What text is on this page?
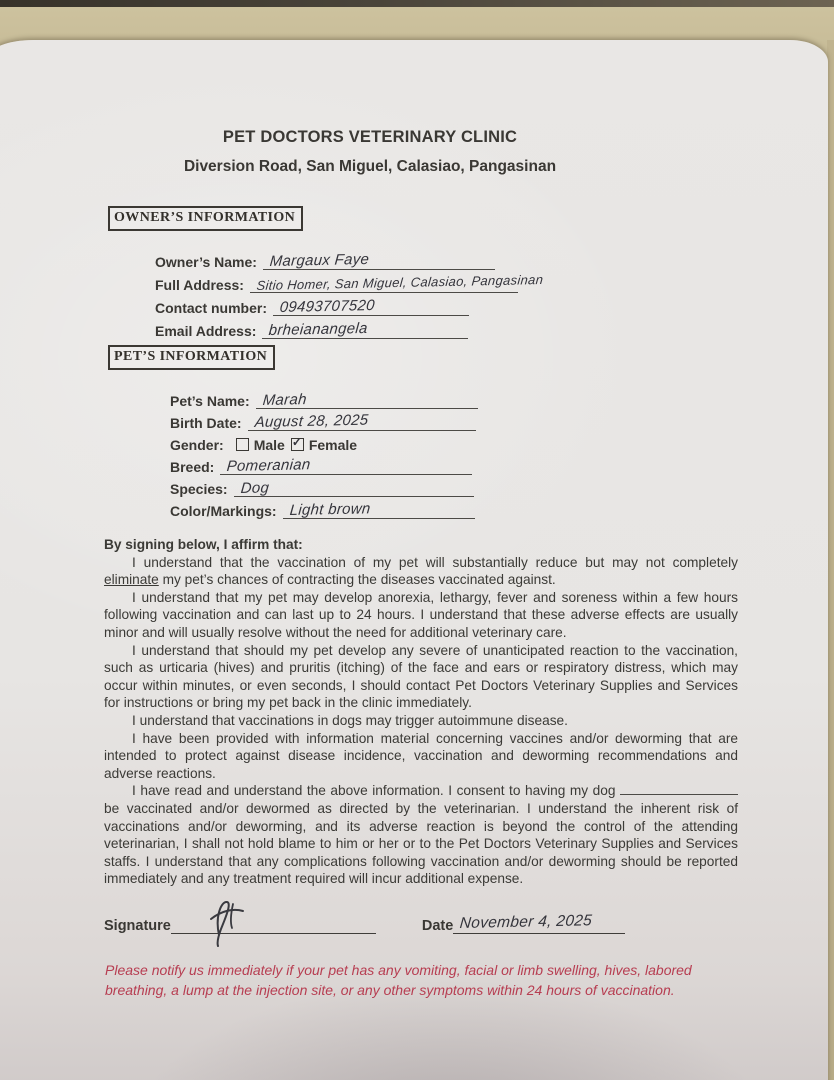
PET DOCTORS VETERINARY CLINIC
Diversion Road, San Miguel, Calasiao, Pangasinan
OWNER’S INFORMATION
Owner’s Name: Margaux Faye
Full Address: Sitio Homer, San Miguel, Calasiao, Pangasinan
Contact number: 09493707520
Email Address: brheianangela
PET’S INFORMATION
Pet’s Name: Marah
Birth Date: August 28, 2025
Gender: Male ✓ Female
Breed: Pomeranian
Species: Dog
Color/Markings: Light brown
By signing below, I affirm that:

I understand that the vaccination of my pet will substantially reduce but may not completely eliminate my pet’s chances of contracting the diseases vaccinated against.

I understand that my pet may develop anorexia, lethargy, fever and soreness within a few hours following vaccination and can last up to 24 hours. I understand that these adverse effects are usually minor and will usually resolve without the need for additional veterinary care.

I understand that should my pet develop any severe of unanticipated reaction to the vaccination, such as urticaria (hives) and pruritis (itching) of the face and ears or respiratory distress, which may occur within minutes, or even seconds, I should contact Pet Doctors Veterinary Supplies and Services for instructions or bring my pet back in the clinic immediately.

I understand that vaccinations in dogs may trigger autoimmune disease.

I have been provided with information material concerning vaccines and/or deworming that are intended to protect against disease incidence, vaccination and deworming recommendations and adverse reactions.

I have read and understand the above information. I consent to having my dog  be vaccinated and/or dewormed as directed by the veterinarian. I understand the inherent risk of vaccinations and/or deworming, and its adverse reaction is beyond the control of the attending veterinarian, I shall not hold blame to him or her or to the Pet Doctors Veterinary Supplies and Services staffs. I understand that any complications following vaccination and/or deworming should be reported immediately and any treatment required will incur additional expense.

Signature	Date November 4, 2025
Please notify us immediately if your pet has any vomiting, facial or limb swelling, hives, labored breathing, a lump at the injection site, or any other symptoms within 24 hours of vaccination.
